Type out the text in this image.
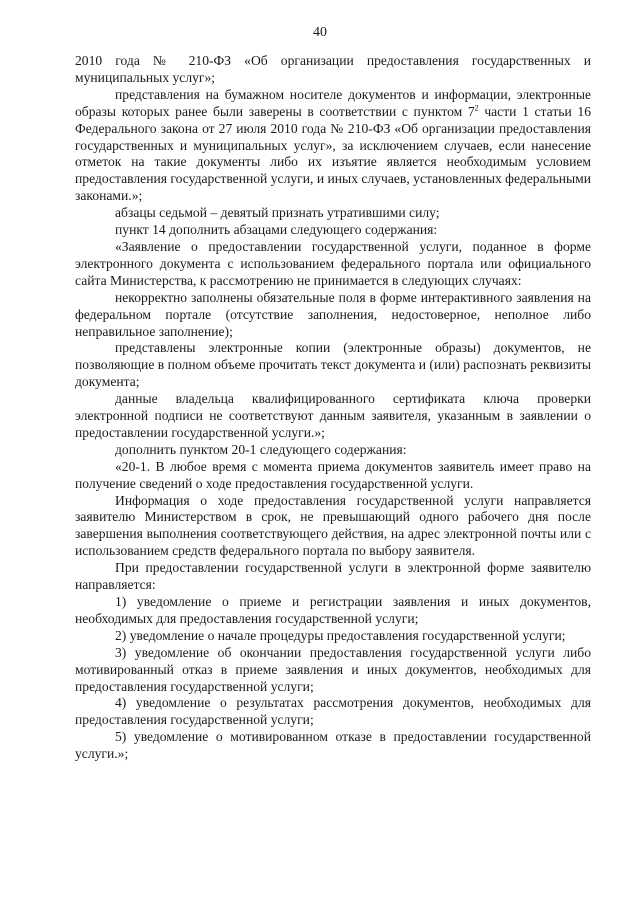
40

2010 года № 210-ФЗ «Об организации предоставления государственных и муниципальных услуг»;

представления на бумажном носителе документов и информации, электронные образы которых ранее были заверены в соответствии с пунктом $7^2$ части 1 статьи 16 Федерального закона от 27 июля 2010 года № 210-ФЗ «Об организации предоставления государственных и муниципальных услуг», за исключением случаев, если нанесение отметок на такие документы либо их изъятие является необходимым условием предоставления государственной услуги, и иных случаев, установленных федеральными законами.»;

абзацы седьмой – девятый признать утратившими силу;

пункт 14 дополнить абзацами следующего содержания:

«Заявление о предоставлении государственной услуги, поданное в форме электронного документа с использованием федерального портала или официального сайта Министерства, к рассмотрению не принимается в следующих случаях:

некорректно заполнены обязательные поля в форме интерактивного заявления на федеральном портале (отсутствие заполнения, недостоверное, неполное либо неправильное заполнение);

представлены электронные копии (электронные образы) документов, не позволяющие в полном объеме прочитать текст документа и (или) распознать реквизиты документа;

данные владельца квалифицированного сертификата ключа проверки электронной подписи не соответствуют данным заявителя, указанным в заявлении о предоставлении государственной услуги.»;

дополнить пунктом 20-1 следующего содержания:

«20-1. В любое время с момента приема документов заявитель имеет право на получение сведений о ходе предоставления государственной услуги.

Информация о ходе предоставления государственной услуги направляется заявителю Министерством в срок, не превышающий одного рабочего дня после завершения выполнения соответствующего действия, на адрес электронной почты или с использованием средств федерального портала по выбору заявителя.

При предоставлении государственной услуги в электронной форме заявителю направляется:

1) уведомление о приеме и регистрации заявления и иных документов, необходимых для предоставления государственной услуги;

2) уведомление о начале процедуры предоставления государственной услуги;

3) уведомление об окончании предоставления государственной услуги либо мотивированный отказ в приеме заявления и иных документов, необходимых для предоставления государственной услуги;

4) уведомление о результатах рассмотрения документов, необходимых для предоставления государственной услуги;

5) уведомление о мотивированном отказе в предоставлении государственной услуги.»;
